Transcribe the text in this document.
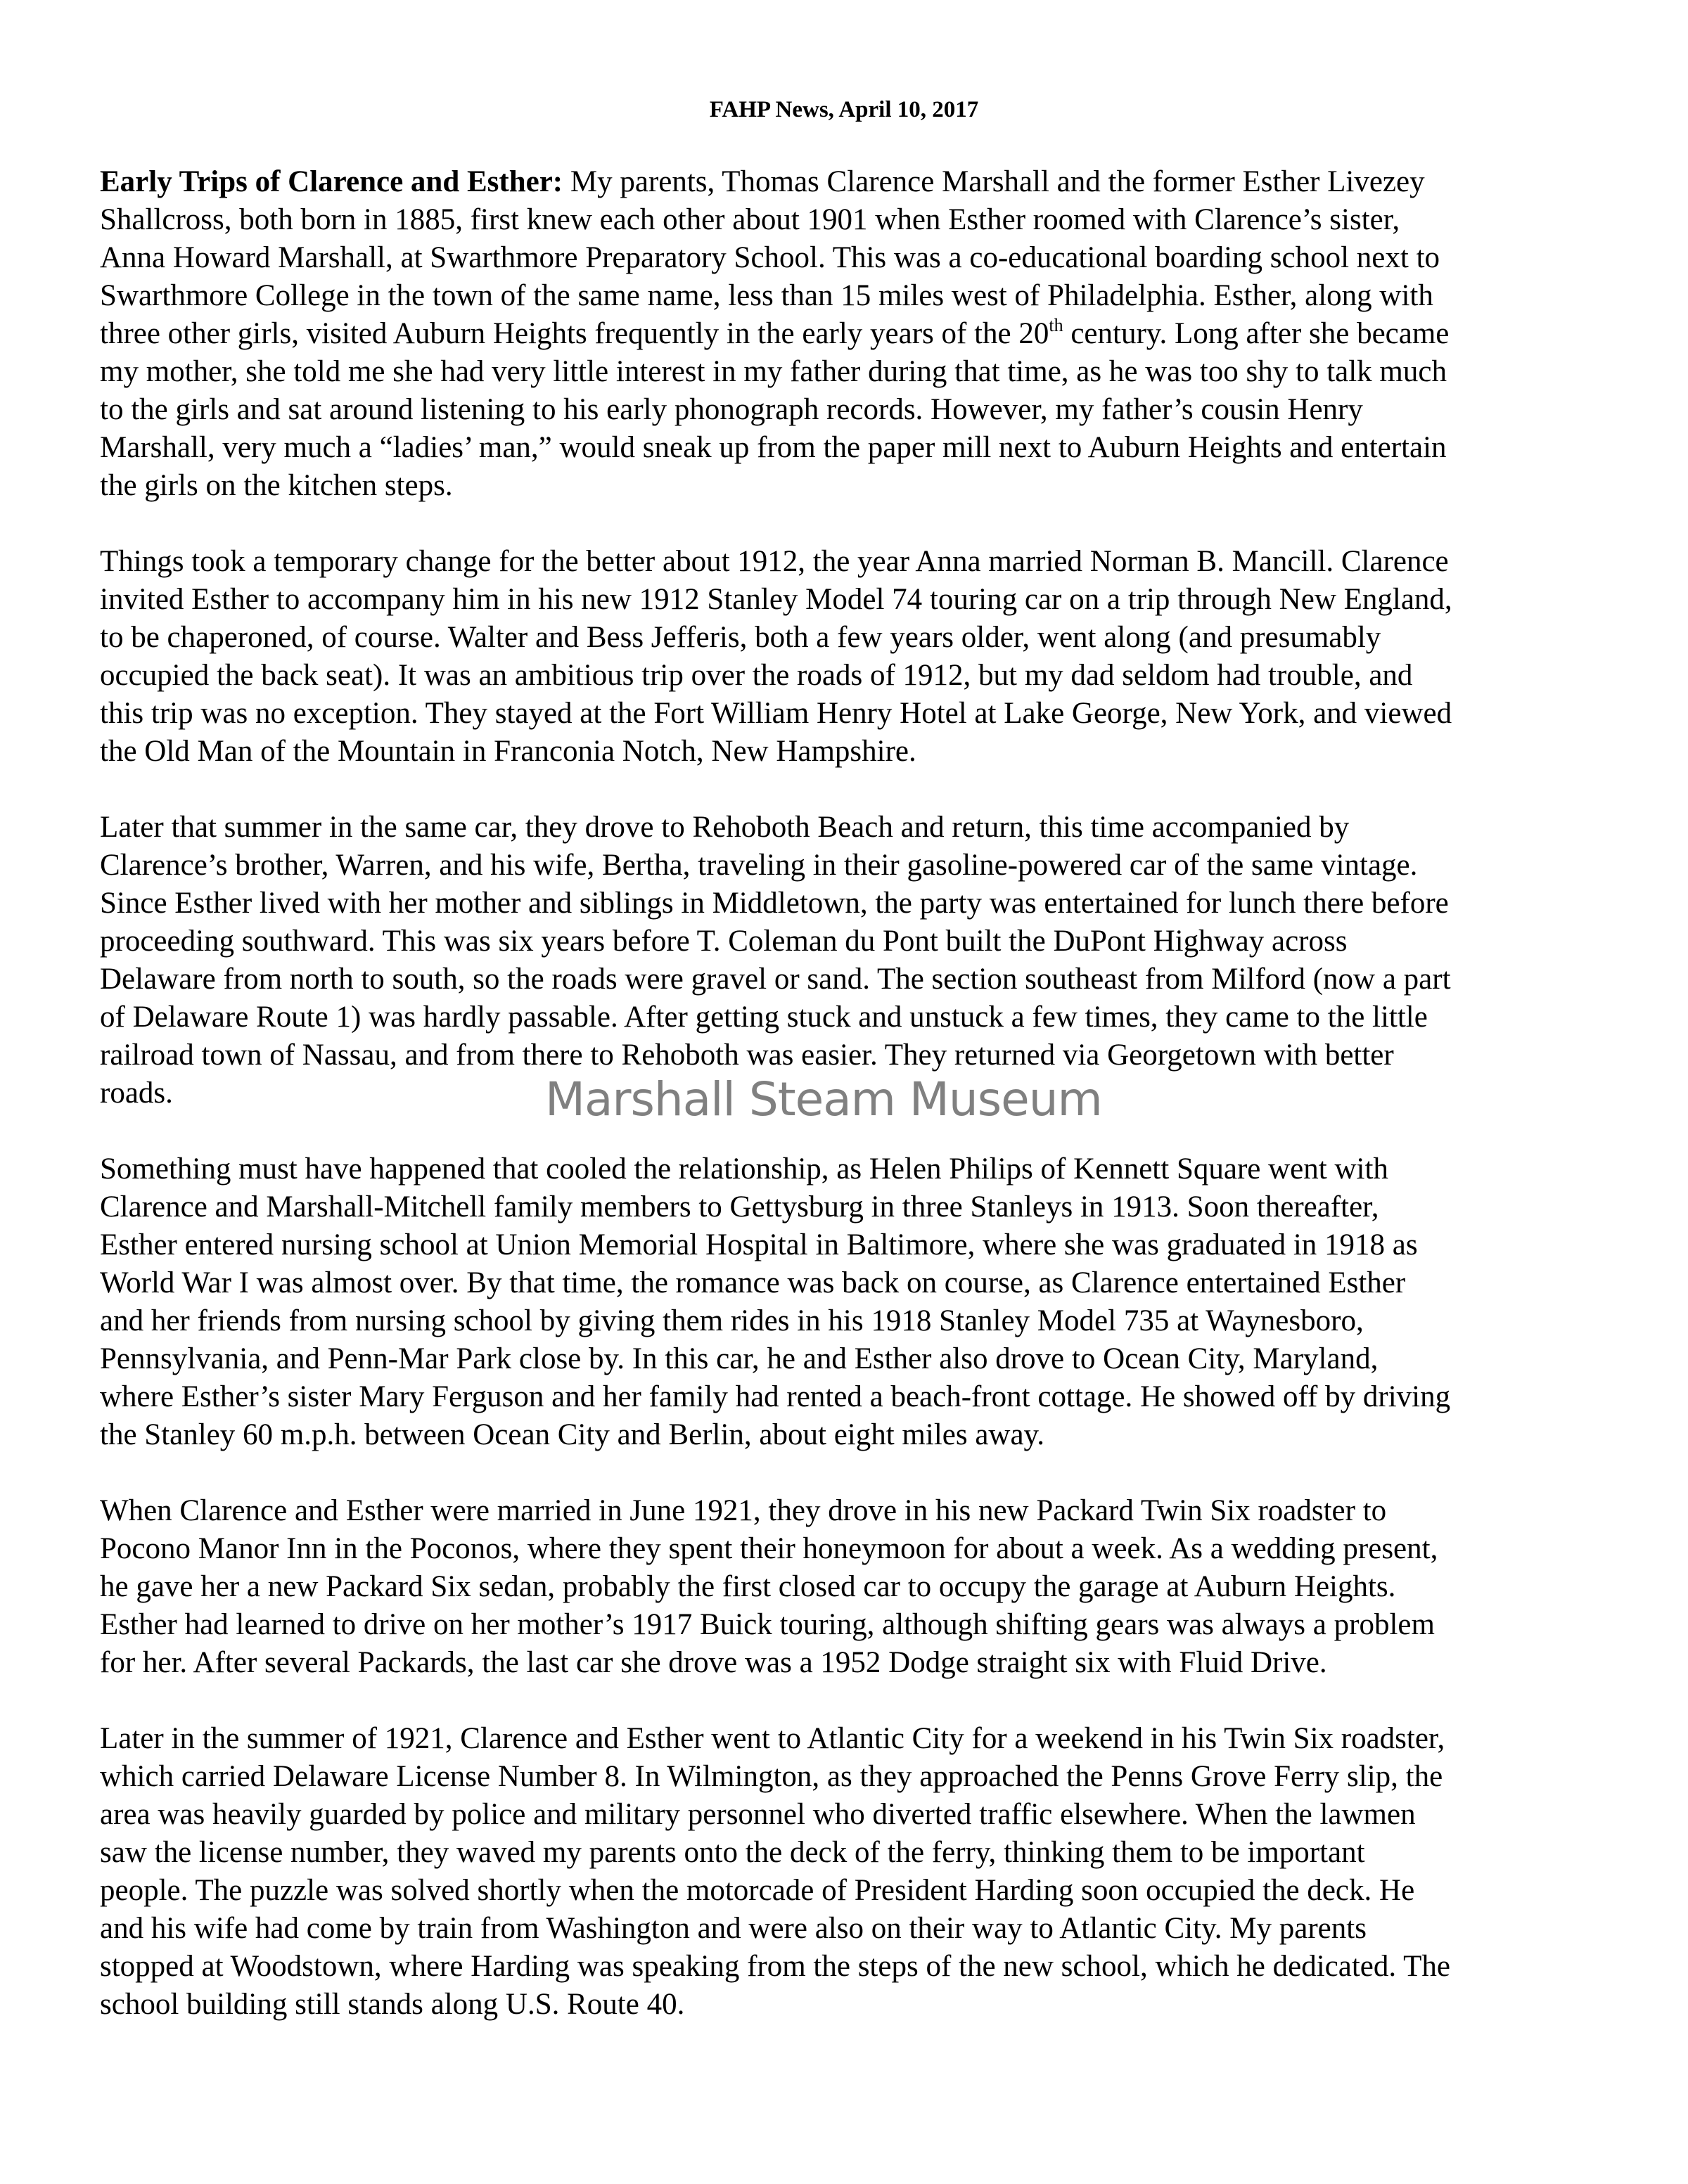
FAHP News, April 10, 2017

Early Trips of Clarence and Esther: My parents, Thomas Clarence Marshall and the former Esther Livezey
Shallcross, both born in 1885, first knew each other about 1901 when Esther roomed with Clarence’s sister,
Anna Howard Marshall, at Swarthmore Preparatory School. This was a co-educational boarding school next to
Swarthmore College in the town of the same name, less than 15 miles west of Philadelphia. Esther, along with
three other girls, visited Auburn Heights frequently in the early years of the 20th century. Long after she became
my mother, she told me she had very little interest in my father during that time, as he was too shy to talk much
to the girls and sat around listening to his early phonograph records. However, my father’s cousin Henry
Marshall, very much a “ladies’ man,” would sneak up from the paper mill next to Auburn Heights and entertain
the girls on the kitchen steps.

Things took a temporary change for the better about 1912, the year Anna married Norman B. Mancill. Clarence
invited Esther to accompany him in his new 1912 Stanley Model 74 touring car on a trip through New England,
to be chaperoned, of course. Walter and Bess Jefferis, both a few years older, went along (and presumably
occupied the back seat). It was an ambitious trip over the roads of 1912, but my dad seldom had trouble, and
this trip was no exception. They stayed at the Fort William Henry Hotel at Lake George, New York, and viewed
the Old Man of the Mountain in Franconia Notch, New Hampshire.

Later that summer in the same car, they drove to Rehoboth Beach and return, this time accompanied by
Clarence’s brother, Warren, and his wife, Bertha, traveling in their gasoline-powered car of the same vintage.
Since Esther lived with her mother and siblings in Middletown, the party was entertained for lunch there before
proceeding southward. This was six years before T. Coleman du Pont built the DuPont Highway across
Delaware from north to south, so the roads were gravel or sand. The section southeast from Milford (now a part
of Delaware Route 1) was hardly passable. After getting stuck and unstuck a few times, they came to the little
railroad town of Nassau, and from there to Rehoboth was easier. They returned via Georgetown with better
roads.

Something must have happened that cooled the relationship, as Helen Philips of Kennett Square went with
Clarence and Marshall-Mitchell family members to Gettysburg in three Stanleys in 1913. Soon thereafter,
Esther entered nursing school at Union Memorial Hospital in Baltimore, where she was graduated in 1918 as
World War I was almost over. By that time, the romance was back on course, as Clarence entertained Esther
and her friends from nursing school by giving them rides in his 1918 Stanley Model 735 at Waynesboro,
Pennsylvania, and Penn-Mar Park close by. In this car, he and Esther also drove to Ocean City, Maryland,
where Esther’s sister Mary Ferguson and her family had rented a beach-front cottage. He showed off by driving
the Stanley 60 m.p.h. between Ocean City and Berlin, about eight miles away.

When Clarence and Esther were married in June 1921, they drove in his new Packard Twin Six roadster to
Pocono Manor Inn in the Poconos, where they spent their honeymoon for about a week. As a wedding present,
he gave her a new Packard Six sedan, probably the first closed car to occupy the garage at Auburn Heights.
Esther had learned to drive on her mother’s 1917 Buick touring, although shifting gears was always a problem
for her. After several Packards, the last car she drove was a 1952 Dodge straight six with Fluid Drive.

Later in the summer of 1921, Clarence and Esther went to Atlantic City for a weekend in his Twin Six roadster,
which carried Delaware License Number 8. In Wilmington, as they approached the Penns Grove Ferry slip, the
area was heavily guarded by police and military personnel who diverted traffic elsewhere. When the lawmen
saw the license number, they waved my parents onto the deck of the ferry, thinking them to be important
people. The puzzle was solved shortly when the motorcade of President Harding soon occupied the deck. He
and his wife had come by train from Washington and were also on their way to Atlantic City. My parents
stopped at Woodstown, where Harding was speaking from the steps of the new school, which he dedicated. The
school building still stands along U.S. Route 40.

Marshall Steam Museum
